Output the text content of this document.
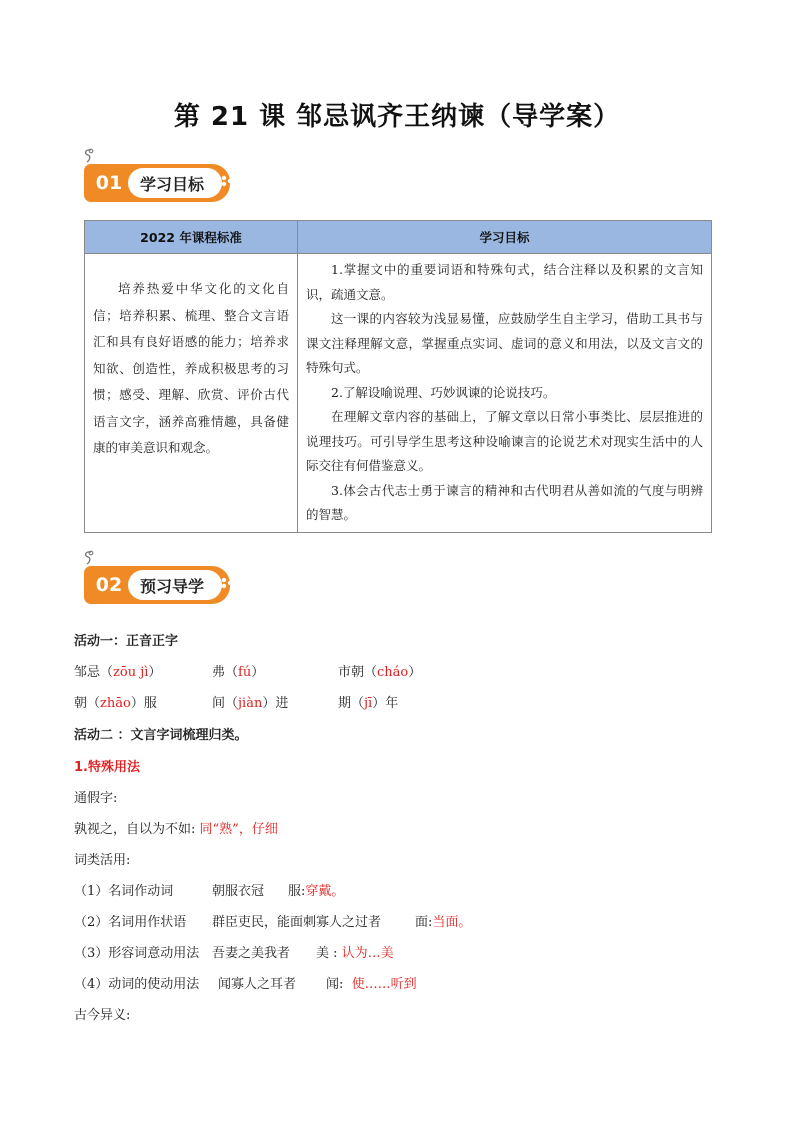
第 21 课 邹忌讽齐王纳谏（导学案）
01	学习目标
2022 年课程标准	学习目标

培养热爱中华文化的文化自信；培养积累、梳理、整合文言语汇和具有良好语感的能力；培养求知欲、创造性，养成积极思考的习惯；感受、理解、欣赏、评价古代语言文字，涵养高雅情趣，具备健康的审美意识和观念。	1.掌握文中的重要词语和特殊句式，结合注释以及积累的文言知识，疏通文意。

这一课的内容较为浅显易懂，应鼓励学生自主学习，借助工具书与课文注释理解文意，掌握重点实词、虚词的意义和用法，以及文言文的特殊句式。

2.了解设喻说理、巧妙讽谏的论说技巧。

在理解文章内容的基础上，了解文章以日常小事类比、层层推进的说理技巧。可引导学生思考这种设喻谏言的论说艺术对现实生活中的人际交往有何借鉴意义。

3.体会古代志士勇于谏言的精神和古代明君从善如流的气度与明辨的智慧。

02	预习导学
活动一：正音正字
邹忌（zōu jì）	弗（fú）	市朝（cháo）
朝（zhāo）服	间（jiàn）进	期（jī）年
活动二 ：文言字词梳理归类。
1.特殊用法
通假字:
孰视之，自以为不如: 同“熟”，仔细
词类活用:
（1）名词作动词	朝服衣冠 服:穿戴。
（2）名词用作状语 群臣吏民，能面刺寡人之过者	面:当面。
（3）形容词意动用法 吾妻之美我者 美 : 认为…美
（4）动词的使动用法 闻寡人之耳者 闻: 使……听到
古今异义:
